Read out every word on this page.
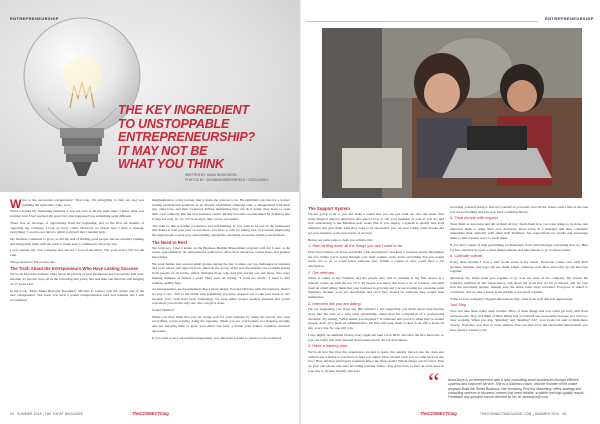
ENTREPRENEURSHIP
THE KEY INGREDIENT
TO UNSTOPPABLE
ENTREPRENEURSHIP?
IT MAY NOT BE
WHAT YOU THINK
WRITTEN BY: ANNA RUSKOWSKI
PHOTOS BY: SUSANNA BREKENFIELD / CIRCULARLY

What is the successful entrepreneur? That stop. I'm struggling to find out and was building the right time. Like, wow.

When I started my marketing business, I was not sure of all the right steps. I knew what was coming once I had reached my goals but what happened was something quite different.

There was no shortage of opportunity from the beginning, and so the first six months of operating my company, I took on every client. However, no matter how I tried to manage everything, I would soon have to admit to myself that I needed help.

My business continued to grow, as did the task of finding good people and successfully training and integrating them with the team to make sure I continued to have my day.

I now operate my own company and am not a fool of the mind. The good news? I'm not the lone.

The good news? I'm not the one.

The Truth About the Entrepreneurs Who Have Lasting Success

We've all heard the statistic. Only about 20 percent of new businesses last beyond the first year. Another 45 percent drop off in the following five years, and less than one third are still hanging on 15 years later.

In his book, "Don't Make Bertrand Pessimist," Michael E. Gerber tells the classic tale of the new entrepreneur. The book was such a potent entrepreneurial read and remains one I still recommend.

marginalization of my journey that it made me wise up to be. He exhibited a picture for a worker turning promotional positions as an already established company whe, a disappointed with their pay, other boss, and their workload. Telling themselves they can do it better, they leave to open their own company. But the new business owner quickly becomes overwhelmed by doubting that if they are truly 10, 10, 10+ hour days, they can be successful.

The truth is, this is neither productive and self-limiting. If you want to be one of the businesses that makes it well past year 10 and more, you have to start by taking care of yourself, employing the right people to help you, and building repeatable, reachable processes within your business.

The Need to Rest

Not long ago, I met a leader on the Business Builder Mastermind program with Tai Lopez. A the event, approximately 30 entrepreneurs gathered to share their resources, connections, and general knowledge.

We went further into several small groups during the day to share our top challenges in business and tools where and supports from others in the group. What was the number one problem shared from people of all levels, which included those who had just started out and those who were making millions of dollars a year? They were all saying, "I work too much." I need to find reliable, quality help.

As entrepreneurs, we treat business like a never budge. You just fill busy with my business, there's no way I can... Tell to the blank with something you have dropped out on the past week or two because your cards have been exhausting, we were either project needed attention and you're convinced you are the only one who can get it done.

Sound familiar?

While you may think that you are doing well for your business by being the person who runs everything, you're actually doing the opposite. When you are overworked, not sleeping enough, and not enjoying time to grow your mind and body a break, your brain's cognitive function decreases.

If you want to be a successful entrepreneur, you will have to learn to balance your workload.

34 SUMMER 2019 | THE EXPAT MAGAZINE	TheCONNECTmag
ENTREPRENEURSHIP
The Support System

I'm not going to lie to you and make it sound like you can just walk out onto the street, find some magical unicorn employee who knows how to run your business as well as you do, and start outsourcing to the Bahamas next week. But, if you employ a system to qualify new staff members and give them what they need to be successful, you can start taking some breaks and set your business to the new levels of success.

Below are some steps to help you achieve this:

1. Start writing down all the things you don't want to do.

Don't have time to sit down and make a job description? Just keep a notepad nearby throughout the day. While you're going through your daily routine, write down everything that you would prefer not to do or could teach someone else. Within a couple of days you'll have a job description.

2. Get referrals.

When it comes to any business and the people who will be running it, my first choice is a referral. Come up with the top 10 to 20 people you know that have a lot of contacts, and send them an email telling them that your business is growing and you are looking for awesome team members. Include your job description and once they should be someone they would trust themselves.

3. Interview like you are dating.

I'm not suggesting you book any HR lunches! I am suggesting you think about interviewing more like the start of a long term relationship rather than the completion of a professional checklist. Try asking, "What makes you happiest?" If someone tells you it is when they're around people, don't give them an administrative job that will keep them locked in an office alone all day, every day. No one will win.

I also highly recommend having every applicant take a free DISC test after the first interview so you can verify that their internal motivations match the job description.

4. Have a training plan.

We've all had that first day experience: excited to learn, but quickly thrown into the deep end without any training or resources to help you adjust. How excited were you to come back on day two? How did that employer's retention affect the final result? Whole things are involved. Pick up your cell phone and start recording training videos. You don't have to find an extra hour in your day to do this, literally just start

recording yourself doing it. Record yourself as you train; save all the videos with a title of the task you are performing and you now have a training library.

5. Treat people with respect.

Treat them as associates and tell as them all day. Teach them how you want things to be done, and empower them to make their own decisions. Don't bring in a manager and then constantly undermine their authority with other staff members. Set expectations for results and encourage them to find creative ways to reach them.

If you feel a sense of high performing professionals, don't micromanage everything they do. Hire for fun, and then be open to their improvements and innovations to go do these results.

6. Cultivate culture.

Every three months I host a staff social event at my house. Everyone comes over with their spouses, children, and dogs. We eat, drink, laugh, celebrate each other, and catch up. We have fun together.

Quarterly, my entire team gets together to go over the state of the company. We review the company numbers in full transparency, talk about the goals that we hit or missed, and we vote how the upcoming quarter, making sure the entire team stays informed. Everyone is asked to contribute, and we take a break in the middle to eat lunch together.

Some of your company's biggest innovations may come from staff that feel appreciated.

Just Stop.

Stop and take three really deep breaths. Have of three things that you could get help with from someone else. Stop and think of three things that you intend one on recently because you were too busy working. When you stop "grinding" and "hustling" 24/7, your brain can start to think more clearly; from this, you start to work smarter. You can start to be the successful entrepreneur you have always wanted to be!

“ Anna-Skye is an entrepreneur with 6 hour consulting small businesses through efficient systems and customer service. She is a business coach, and the founder of the online program Build the Street Business. Her company, Process Marketing, offers strategy and consulting services to business owners that need reliable, scalable and high-quality results. Feedback any question can be directed to her at: annaskye@.com.
TheCONNECTmag	THECONNECTMAGAZINE.COM | SUMMER 2019 35
